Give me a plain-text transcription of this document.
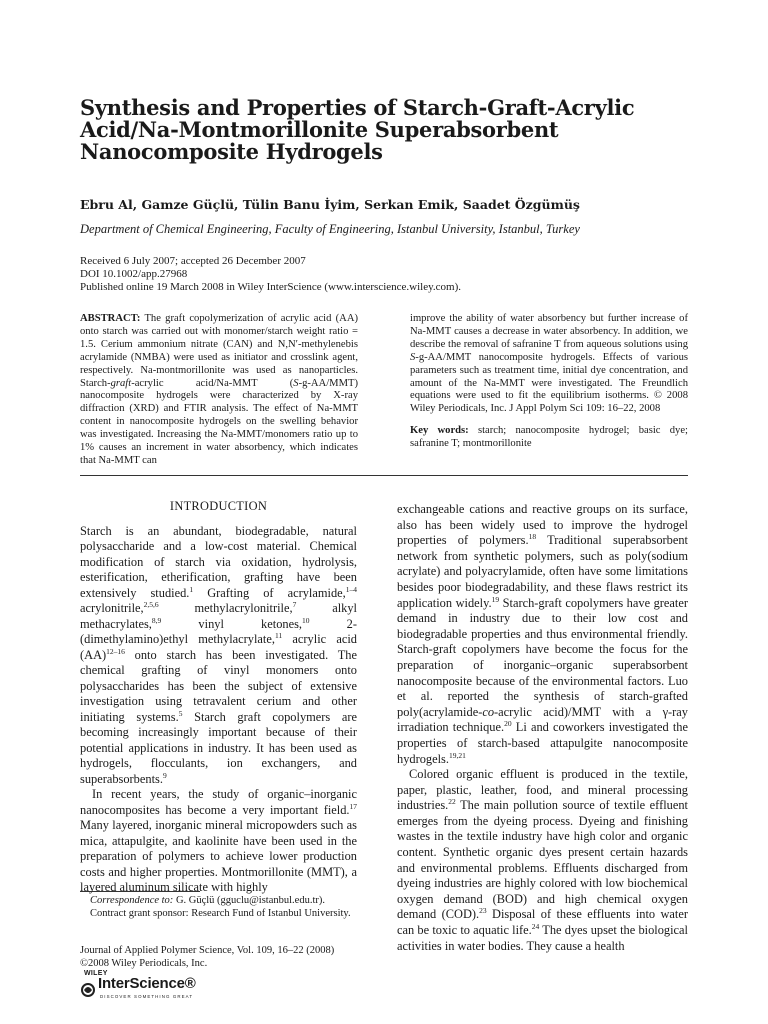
Synthesis and Properties of Starch-Graft-Acrylic
Acid/Na-Montmorillonite Superabsorbent
Nanocomposite Hydrogels
Ebru Al, Gamze Güçlü, Tülin Banu İyim, Serkan Emik, Saadet Özgümüş
Department of Chemical Engineering, Faculty of Engineering, Istanbul University, Istanbul, Turkey
Received 6 July 2007; accepted 26 December 2007
DOI 10.1002/app.27968
Published online 19 March 2008 in Wiley InterScience (www.interscience.wiley.com).
ABSTRACT: The graft copolymerization of acrylic acid (AA) onto starch was carried out with monomer/starch weight ratio = 1.5. Cerium ammonium nitrate (CAN) and N,N′-methylenebis acrylamide (NMBA) were used as initiator and crosslink agent, respectively. Na-montmorillonite was used as nanoparticles. Starch-graft-acrylic acid/Na-MMT (S-g-AA/MMT) nanocomposite hydrogels were characterized by X-ray diffraction (XRD) and FTIR analysis. The effect of Na-MMT content in nanocomposite hydrogels on the swelling behavior was investigated. Increasing the Na-MMT/monomers ratio up to 1% causes an increment in water absorbency, which indicates that Na-MMT can
improve the ability of water absorbency but further increase of Na-MMT causes a decrease in water absorbency. In addition, we describe the removal of safranine T from aqueous solutions using S-g-AA/MMT nanocomposite hydrogels. Effects of various parameters such as treatment time, initial dye concentration, and amount of the Na-MMT were investigated. The Freundlich equations were used to fit the equilibrium isotherms. © 2008 Wiley Periodicals, Inc. J Appl Polym Sci 109: 16–22, 2008
Key words: starch; nanocomposite hydrogel; basic dye; safranine T; montmorillonite
INTRODUCTION

Starch is an abundant, biodegradable, natural polysaccharide and a low-cost material. Chemical modification of starch via oxidation, hydrolysis, esterification, etherification, grafting have been extensively studied.$^1$ Grafting of acrylamide,$^{1-4}$ acrylonitrile,$^{2,5,6}$ methylacrylonitrile,$^7$ alkyl methacrylates,$^{8,9}$ vinyl ketones,$^{10}$ 2-(dimethylamino)ethyl methylacrylate,$^{11}$ acrylic acid (AA)$^{12-16}$ onto starch has been investigated. The chemical grafting of vinyl monomers onto polysaccharides has been the subject of extensive investigation using tetravalent cerium and other initiating systems.$^5$ Starch graft copolymers are becoming increasingly important because of their potential applications in industry. It has been used as hydrogels, flocculants, ion exchangers, and superabsorbents.$^9$

In recent years, the study of organic–inorganic nanocomposites has become a very important field.$^{17}$ Many layered, inorganic mineral micropowders such as mica, attapulgite, and kaolinite have been used in the preparation of polymers to achieve lower production costs and higher properties. Montmorillonite (MMT), a layered aluminum silicate with highly

exchangeable cations and reactive groups on its surface, also has been widely used to improve the hydrogel properties of polymers.$^{18}$ Traditional superabsorbent network from synthetic polymers, such as poly(sodium acrylate) and polyacrylamide, often have some limitations besides poor biodegradability, and these flaws restrict its application widely.$^{19}$ Starch-graft copolymers have greater demand in industry due to their low cost and biodegradable properties and thus environmental friendly. Starch-graft copolymers have become the focus for the preparation of inorganic–organic superabsorbent nanocomposite because of the environmental factors. Luo et al. reported the synthesis of starch-grafted poly(acrylamide-co-acrylic acid)/MMT with a γ-ray irradiation technique.$^{20}$ Li and coworkers investigated the properties of starch-based attapulgite nanocomposite hydrogels.$^{19,21}$

Colored organic effluent is produced in the textile, paper, plastic, leather, food, and mineral processing industries.$^{22}$ The main pollution source of textile effluent emerges from the dyeing process. Dyeing and finishing wastes in the textile industry have high color and organic content. Synthetic organic dyes present certain hazards and environmental problems. Effluents discharged from dyeing industries are highly colored with low biochemical oxygen demand (BOD) and high chemical oxygen demand (COD).$^{23}$ Disposal of these effluents into water can be toxic to aquatic life.$^{24}$ The dyes upset the biological activities in water bodies. They cause a health

Correspondence to: G. Güçlü (gguclu@istanbul.edu.tr).

Contract grant sponsor: Research Fund of Istanbul University.

Journal of Applied Polymer Science, Vol. 109, 16–22 (2008)
©2008 Wiley Periodicals, Inc.
WILEY
InterScience®
DISCOVER SOMETHING GREAT
